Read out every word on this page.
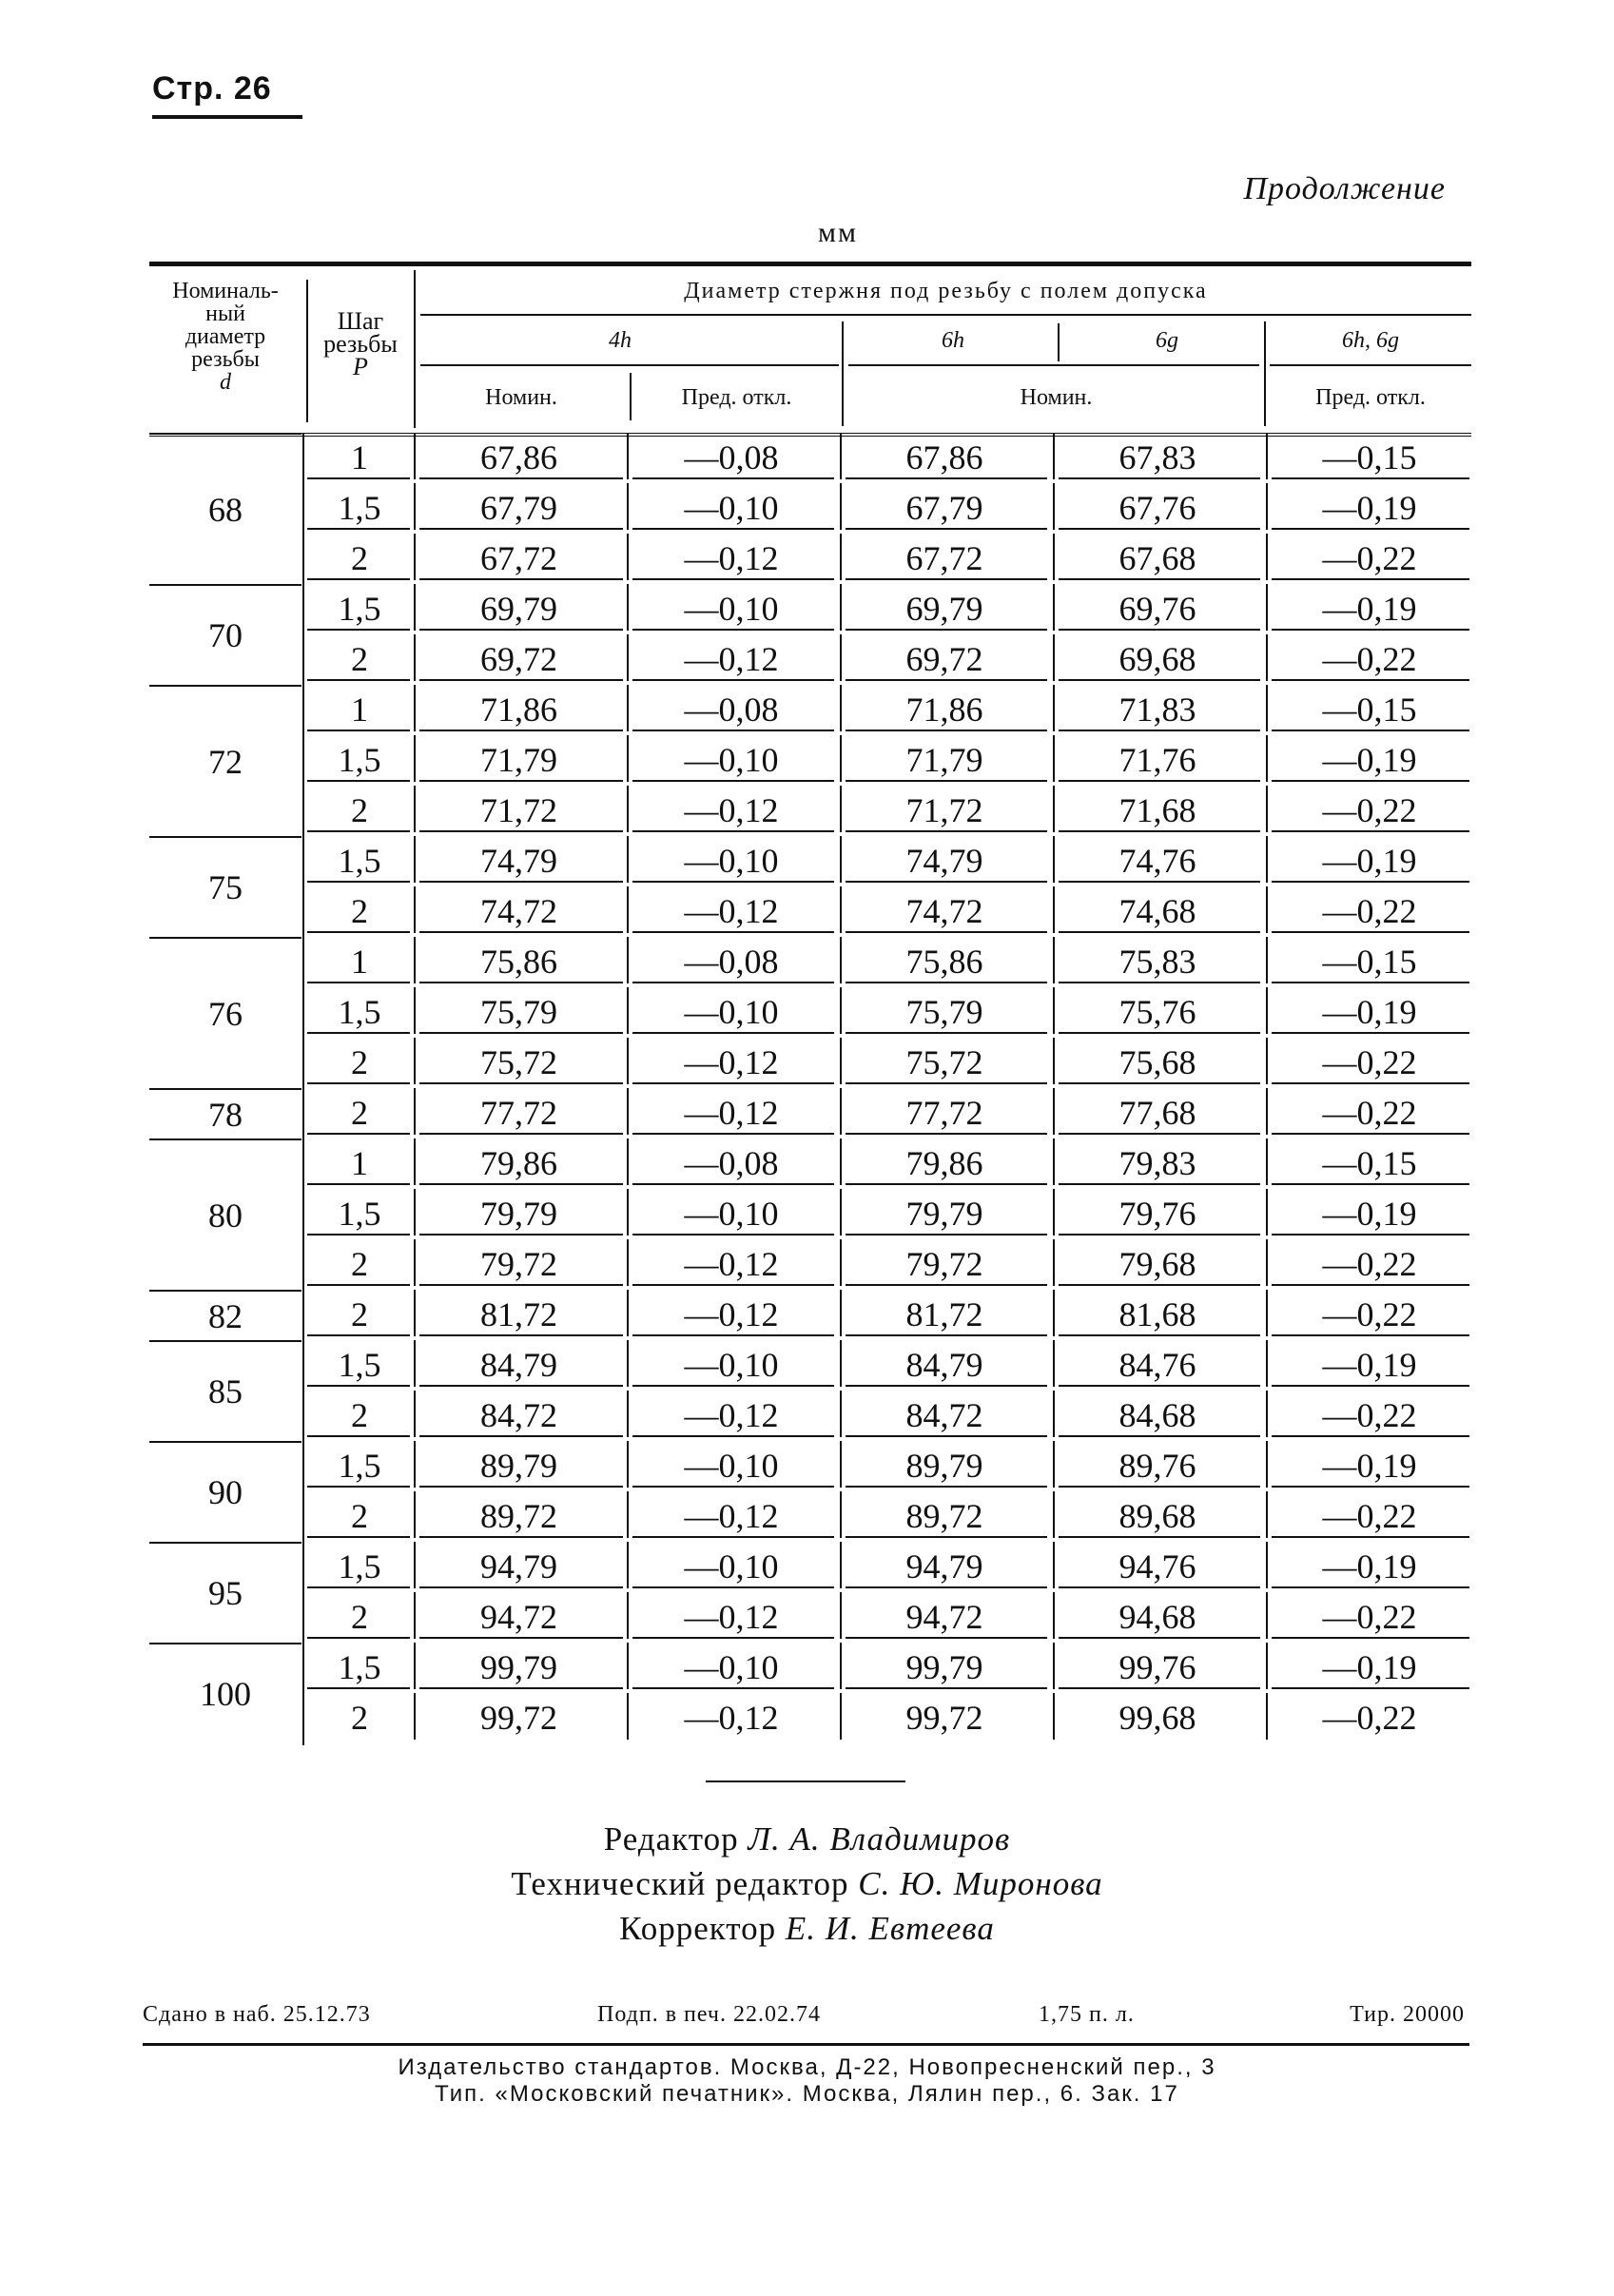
Стр. 26
Продолжение
мм
Номиналь-
ный
диаметр
резьбы
d
Шаг
резьбы
P
Диаметр стержня под резьбу с полем допуска
4h	6h	6g	6h, 6g
Номин.	Пред. откл.	Номин.	Пред. откл.
68
1	67,86	—0,08	67,86	67,83	—0,15
1,5	67,79	—0,10	67,79	67,76	—0,19
2	67,72	—0,12	67,72	67,68	—0,22
70
1,5	69,79	—0,10	69,79	69,76	—0,19
2	69,72	—0,12	69,72	69,68	—0,22
72
1	71,86	—0,08	71,86	71,83	—0,15
1,5	71,79	—0,10	71,79	71,76	—0,19
2	71,72	—0,12	71,72	71,68	—0,22
75
1,5	74,79	—0,10	74,79	74,76	—0,19
2	74,72	—0,12	74,72	74,68	—0,22
76
1	75,86	—0,08	75,86	75,83	—0,15
1,5	75,79	—0,10	75,79	75,76	—0,19
2	75,72	—0,12	75,72	75,68	—0,22
78	2	77,72	—0,12	77,72	77,68	—0,22
80
1	79,86	—0,08	79,86	79,83	—0,15
1,5	79,79	—0,10	79,79	79,76	—0,19
2	79,72	—0,12	79,72	79,68	—0,22
82	2	81,72	—0,12	81,72	81,68	—0,22
85
1,5	84,79	—0,10	84,79	84,76	—0,19
2	84,72	—0,12	84,72	84,68	—0,22
90
1,5	89,79	—0,10	89,79	89,76	—0,19
2	89,72	—0,12	89,72	89,68	—0,22
95
1,5	94,79	—0,10	94,79	94,76	—0,19
2	94,72	—0,12	94,72	94,68	—0,22
100
1,5	99,79	—0,10	99,79	99,76	—0,19
2	99,72	—0,12	99,72	99,68	—0,22
Редактор Л. А. Владимиров
Технический редактор С. Ю. Миронова
Корректор Е. И. Евтеева
Сдано в наб. 25.12.73	Подп. в печ. 22.02.74	1,75 п. л.	Тир. 20000
Издательство стандартов. Москва, Д-22, Новопресненский пер., 3
Тип. «Московский печатник». Москва, Лялин пер., 6. Зак. 17
